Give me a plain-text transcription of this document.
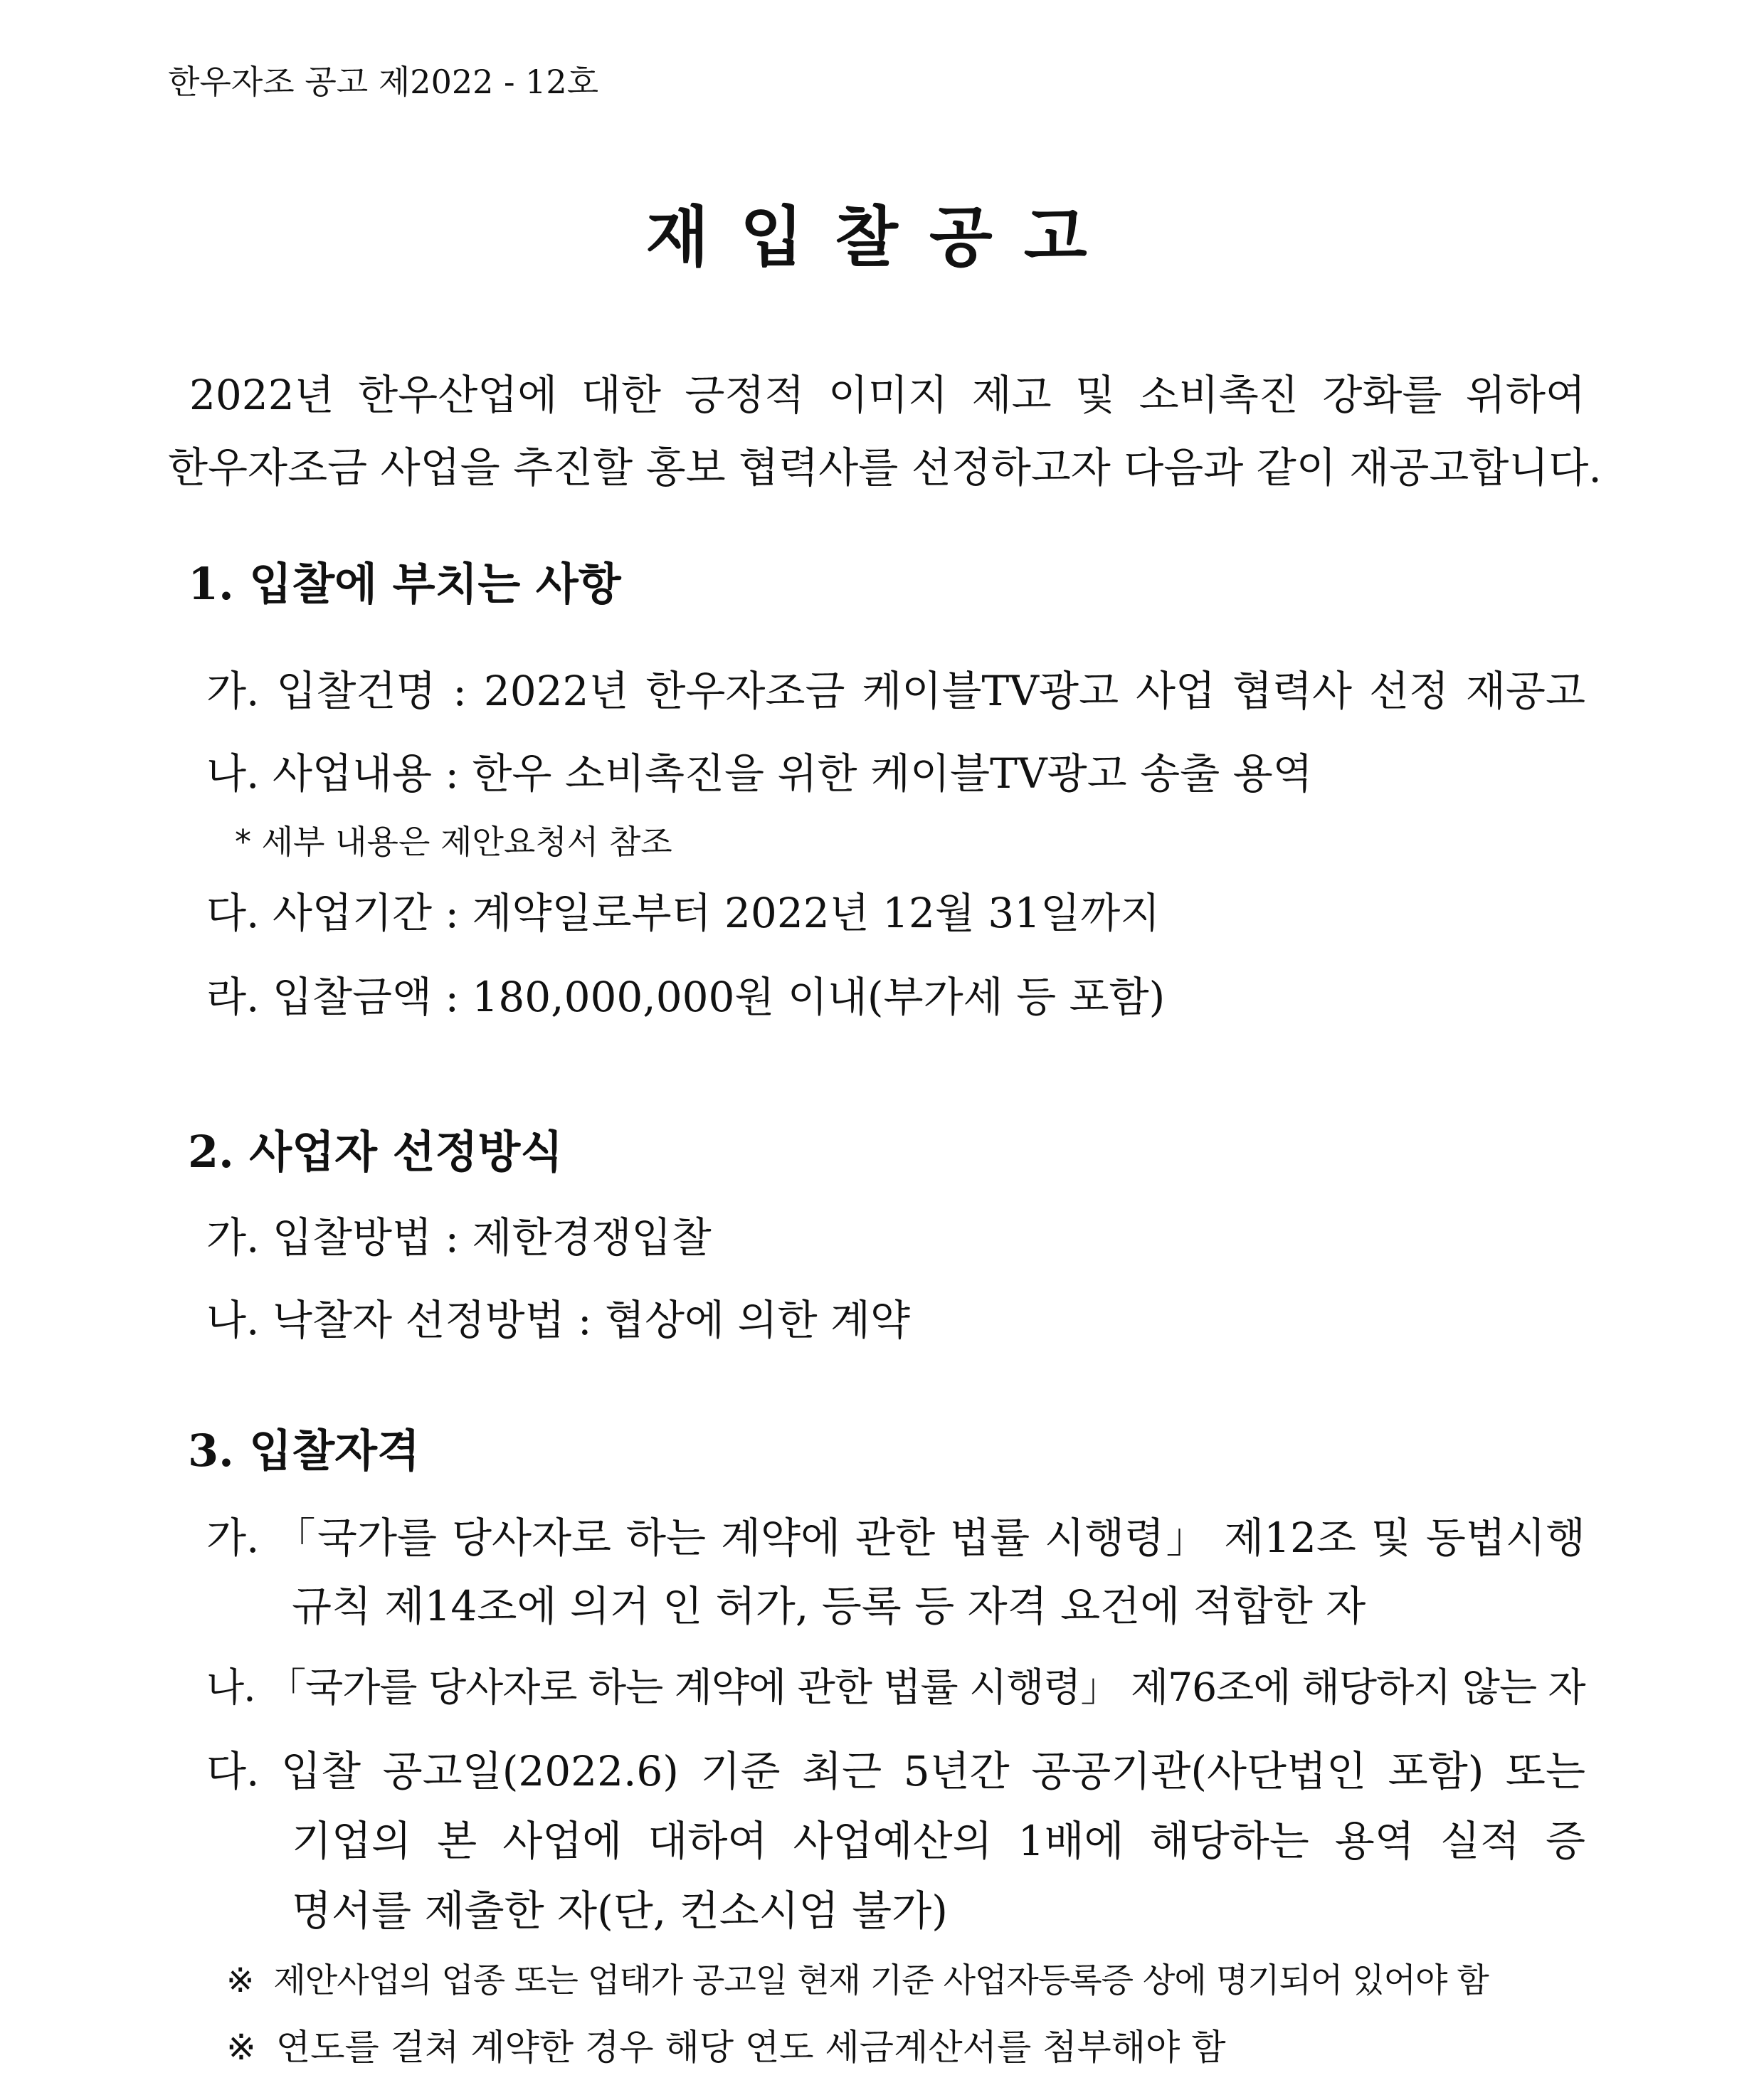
한우자조 공고 제2022 - 12호
재입찰공고
2022년 한우산업에 대한 긍정적 이미지 제고 및 소비촉진 강화를 위하여
한우자조금 사업을 추진할 홍보 협력사를 선정하고자 다음과 같이 재공고합니다.
1. 입찰에 부치는 사항
가. 입찰건명 : 2022년 한우자조금 케이블TV광고 사업 협력사 선정 재공고
나. 사업내용 : 한우 소비촉진을 위한 케이블TV광고 송출 용역
* 세부 내용은 제안요청서 참조
다. 사업기간 : 계약일로부터 2022년 12월 31일까지
라. 입찰금액 : 180,000,000원 이내(부가세 등 포함)
2. 사업자 선정방식
가. 입찰방법 : 제한경쟁입찰
나. 낙찰자 선정방법 : 협상에 의한 계약
3. 입찰자격
가. 「국가를 당사자로 하는 계약에 관한 법률 시행령」 제12조 및 동법시행
규칙 제14조에 의거 인 허가, 등록 등 자격 요건에 적합한 자
나. 「국가를 당사자로 하는 계약에 관한 법률 시행령」 제76조에 해당하지 않는 자
다. 입찰 공고일(2022.6) 기준 최근 5년간 공공기관(사단법인 포함) 또는
기업의 본 사업에 대하여 사업예산의 1배에 해당하는 용역 실적 증
명서를 제출한 자(단, 컨소시엄 불가)
※ 제안사업의 업종 또는 업태가 공고일 현재 기준 사업자등록증 상에 명기되어 있어야 함
※ 연도를 걸쳐 계약한 경우 해당 연도 세금계산서를 첨부해야 함
